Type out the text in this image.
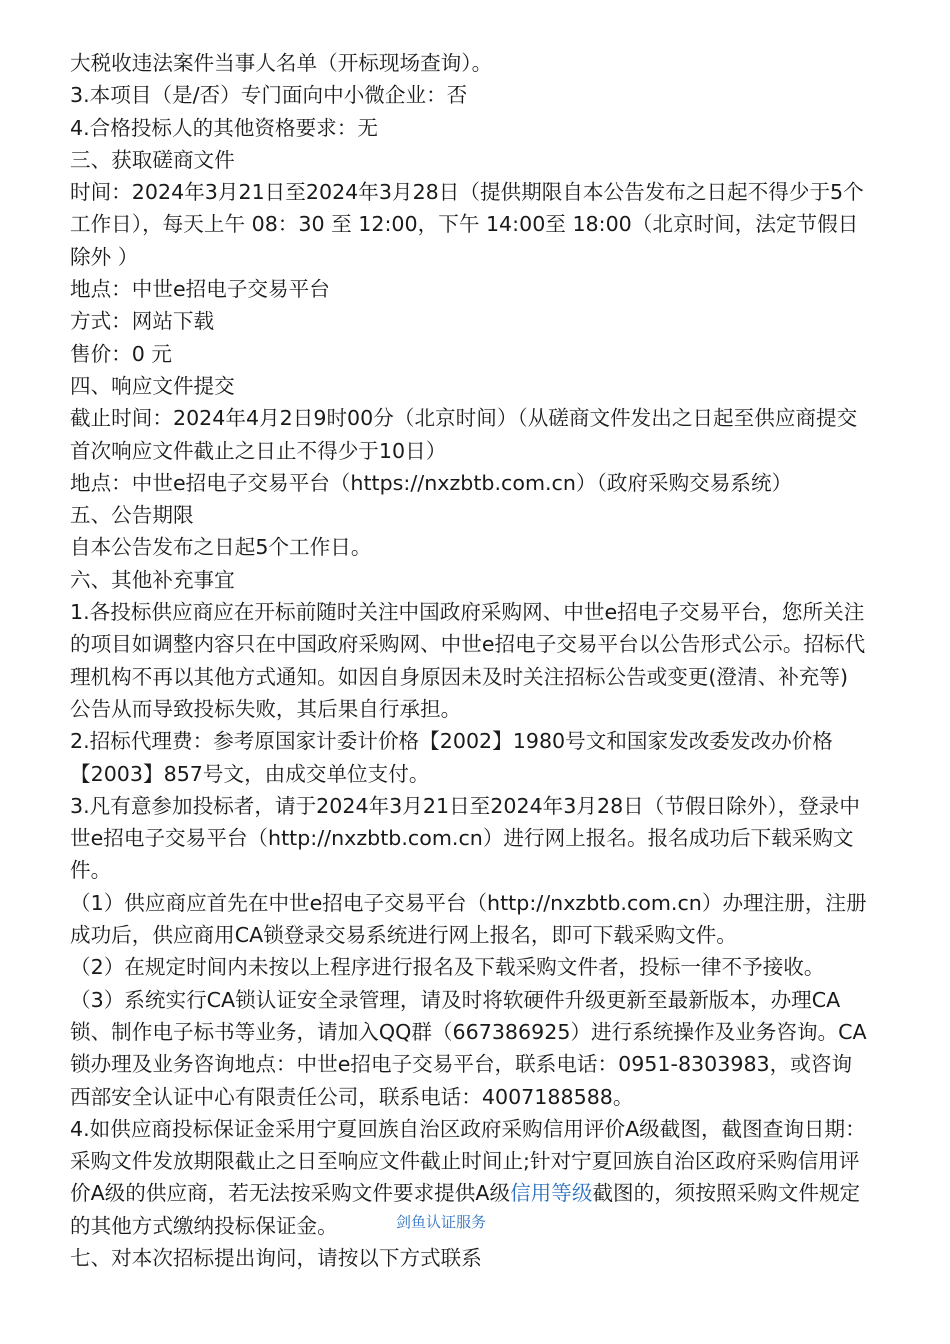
大税收违法案件当事人名单（开标现场查询）。
3.本项目（是/否）专门面向中小微企业：否
4.合格投标人的其他资格要求：无
三、获取磋商文件
时间：2024年3月21日至2024年3月28日（提供期限自本公告发布之日起不得少于5个
工作日），每天上午 08：30 至 12:00，下午 14:00至 18:00（北京时间，法定节假日
除外 ）
地点：中世e招电子交易平台
方式：网站下载
售价：0 元
四、响应文件提交
截止时间：2024年4月2日9时00分（北京时间）（从磋商文件发出之日起至供应商提交
首次响应文件截止之日止不得少于10日）
地点：中世e招电子交易平台（https://nxzbtb.com.cn）（政府采购交易系统）
五、公告期限
自本公告发布之日起5个工作日。
六、其他补充事宜
1.各投标供应商应在开标前随时关注中国政府采购网、中世e招电子交易平台，您所关注
的项目如调整内容只在中国政府采购网、中世e招电子交易平台以公告形式公示。招标代
理机构不再以其他方式通知。如因自身原因未及时关注招标公告或变更(澄清、补充等)
公告从而导致投标失败，其后果自行承担。
2.招标代理费：参考原国家计委计价格【2002】1980号文和国家发改委发改办价格
【2003】857号文，由成交单位支付。
3.凡有意参加投标者，请于2024年3月21日至2024年3月28日（节假日除外），登录中
世e招电子交易平台（http://nxzbtb.com.cn）进行网上报名。报名成功后下载采购文
件。
（1）供应商应首先在中世e招电子交易平台（http://nxzbtb.com.cn）办理注册，注册
成功后，供应商用CA锁登录交易系统进行网上报名，即可下载采购文件。
（2）在规定时间内未按以上程序进行报名及下载采购文件者，投标一律不予接收。
（3）系统实行CA锁认证安全录管理，请及时将软硬件升级更新至最新版本，办理CA
锁、制作电子标书等业务，请加入QQ群（667386925）进行系统操作及业务咨询。CA
锁办理及业务咨询地点：中世e招电子交易平台，联系电话：0951-8303983，或咨询
西部安全认证中心有限责任公司，联系电话：4007188588。
4.如供应商投标保证金采用宁夏回族自治区政府采购信用评价A级截图，截图查询日期：
采购文件发放期限截止之日至响应文件截止时间止;针对宁夏回族自治区政府采购信用评
价A级的供应商，若无法按采购文件要求提供A级信用等级截图的，须按照采购文件规定
的其他方式缴纳投标保证金。
七、对本次招标提出询问，请按以下方式联系
剑鱼认证服务
